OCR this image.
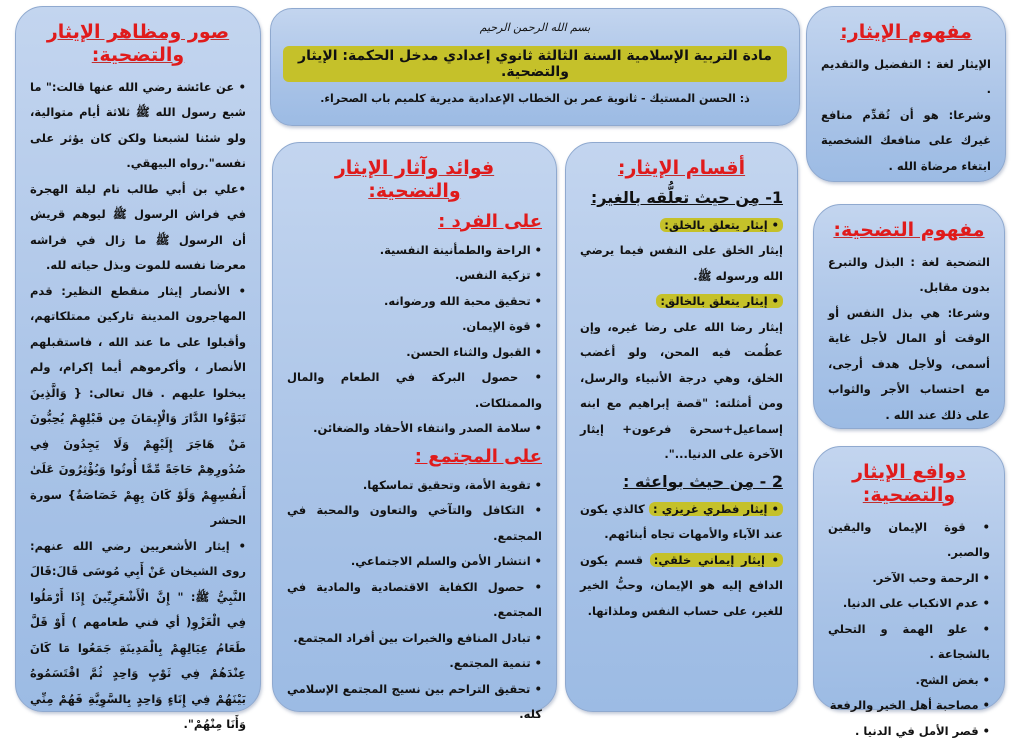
بسم الله الرحمن الرحيم
مادة التربية الإسلامية السنة الثالثة ثانوي إعدادي مدخل الحكمة: الإيثار والتضحية.
ذ: الحسن المستيك - ثانوية عمر بن الخطاب الإعدادية مديرية كلميم باب الصحراء.
مفهوم الإيثار:

الإيثار لغة : التفضيل والتقديم .

وشرعا: هو أن تُقدِّم منافع غيرك على منافعك الشخصية ابتغاء مرضاة الله .

مفهوم التضحية:

التضحية لغة : البذل والتبرع بدون مقابل.

وشرعا: هي بذل النفس أو الوقت أو المال لأجل غاية أسمى، ولأجل هدف أرجى، مع احتساب الأجر والثواب على ذلك عند الله .

دوافع الإيثار والتضحية:
• قوة الإيمان واليقين والصبر.
• الرحمة وحب الآخر.
• عدم الانكباب على الدنيا.
• علو الهمة و التحلي بالشجاعة .
• بغض الشح.
• مصاحبة أهل الخير والرفعة
• قصر الأمل في الدنيا .
أقسام الإيثار:
1- مِن حيث تعلُّقه بالغير:

• إيثار يتعلق بالخلق:

إيثار الخلق على النفس فيما يرضي الله ورسوله ﷺ.

• إيثار يتعلق بالخالق:

إيثار رضا الله على رضا غيره، وإن عظُمت فيه المحن، ولو أغضب الخلق، وهي درجة الأنبياء والرسل، ومن أمثلته: "قصة إبراهيم مع ابنه إسماعيل+سحرة فرعون+ إيثار الآخرة على الدنيا...".

2 - مِن حيث بواعثه :

• إيثار فطري غريزي : كالذي يكون عند الآباء والأمهات تجاه أبنائهم.

• إيثار إيماني خلقي: قسم يكون الدافع إليه هو الإيمان، وحبُّ الخير للغير، على حساب النفس وملذاتها.

فوائد وآثار الإيثار والتضحية:
على الفرد :
• الراحة والطمأنينة النفسية.
• تزكية النفس.
• تحقيق محبة الله ورضوانه.
• قوة الإيمان.
• القبول والثناء الحسن.
• حصول البركة في الطعام والمال والممتلكات.
• سلامة الصدر وانتفاء الأحقاد والضغائن.
على المجتمع :
• تقوية الأمة، وتحقيق تماسكها.
• التكافل والتآخي والتعاون والمحبة في المجتمع.
• انتشار الأمن والسلم الاجتماعي.
• حصول الكفاية الاقتصادية والمادية في المجتمع.
• تبادل المنافع والخبرات بين أفراد المجتمع.
• تنمية المجتمع.
• تحقيق التراحم بين نسيج المجتمع الإسلامي كله.
صور ومظاهر الإيثار والتضحية:

• عن عائشة رضي الله عنها قالت:" ما شبع رسول الله ﷺ ثلاثة أيام متوالية، ولو شئنا لشبعنا ولكن كان يؤثر على نفسه".رواه البيهقي.

•علي بن أبي طالب نام ليلة الهجرة في فراش الرسول ﷺ ليوهم قريش أن الرسول ﷺ ما زال في فراشه معرضا نفسه للموت وبذل حياته لله.

• الأنصار إيثار منقطع النظير: قدم المهاجرون المدينة تاركين ممتلكاتهم، وأقبلوا على ما عند الله ، فاستقبلهم الأنصار ، وأكرموهم أيما إكرام، ولم يبخلوا عليهم . قال تعالى: { وَالَّذِينَ تَبَوَّءُوا الدَّارَ وَالْإِيمَانَ مِن قَبْلِهِمْ يُحِبُّونَ مَنْ هَاجَرَ إِلَيْهِمْ وَلَا يَجِدُونَ فِي صُدُورِهِمْ حَاجَةً مِّمَّا أُوتُوا وَيُؤْثِرُونَ عَلَىٰ أَنفُسِهِمْ وَلَوْ كَانَ بِهِمْ خَصَاصَةٌ} سورة الحشر

• إيثار الأشعريين رضي الله عنهم: روى الشيخان عَنْ أَبِي مُوسَى قَالَ:قَالَ النَّبِيُّ ﷺ: " إِنَّ الْأَشْعَرِيِّينَ إِذَا أَرْمَلُوا فِي الْغَزْوِ( أي فني طعامهم ) أَوْ قَلَّ طَعَامُ عِيَالِهِمْ بِالْمَدِينَةِ جَمَعُوا مَا كَانَ عِنْدَهُمْ فِي ثَوْبٍ وَاحِدٍ ثُمَّ اقْتَسَمُوهُ بَيْنَهُمْ فِي إِنَاءٍ وَاحِدٍ بِالسَّوِيَّةِ فَهُمْ مِنِّي وَأَنَا مِنْهُمْ".
